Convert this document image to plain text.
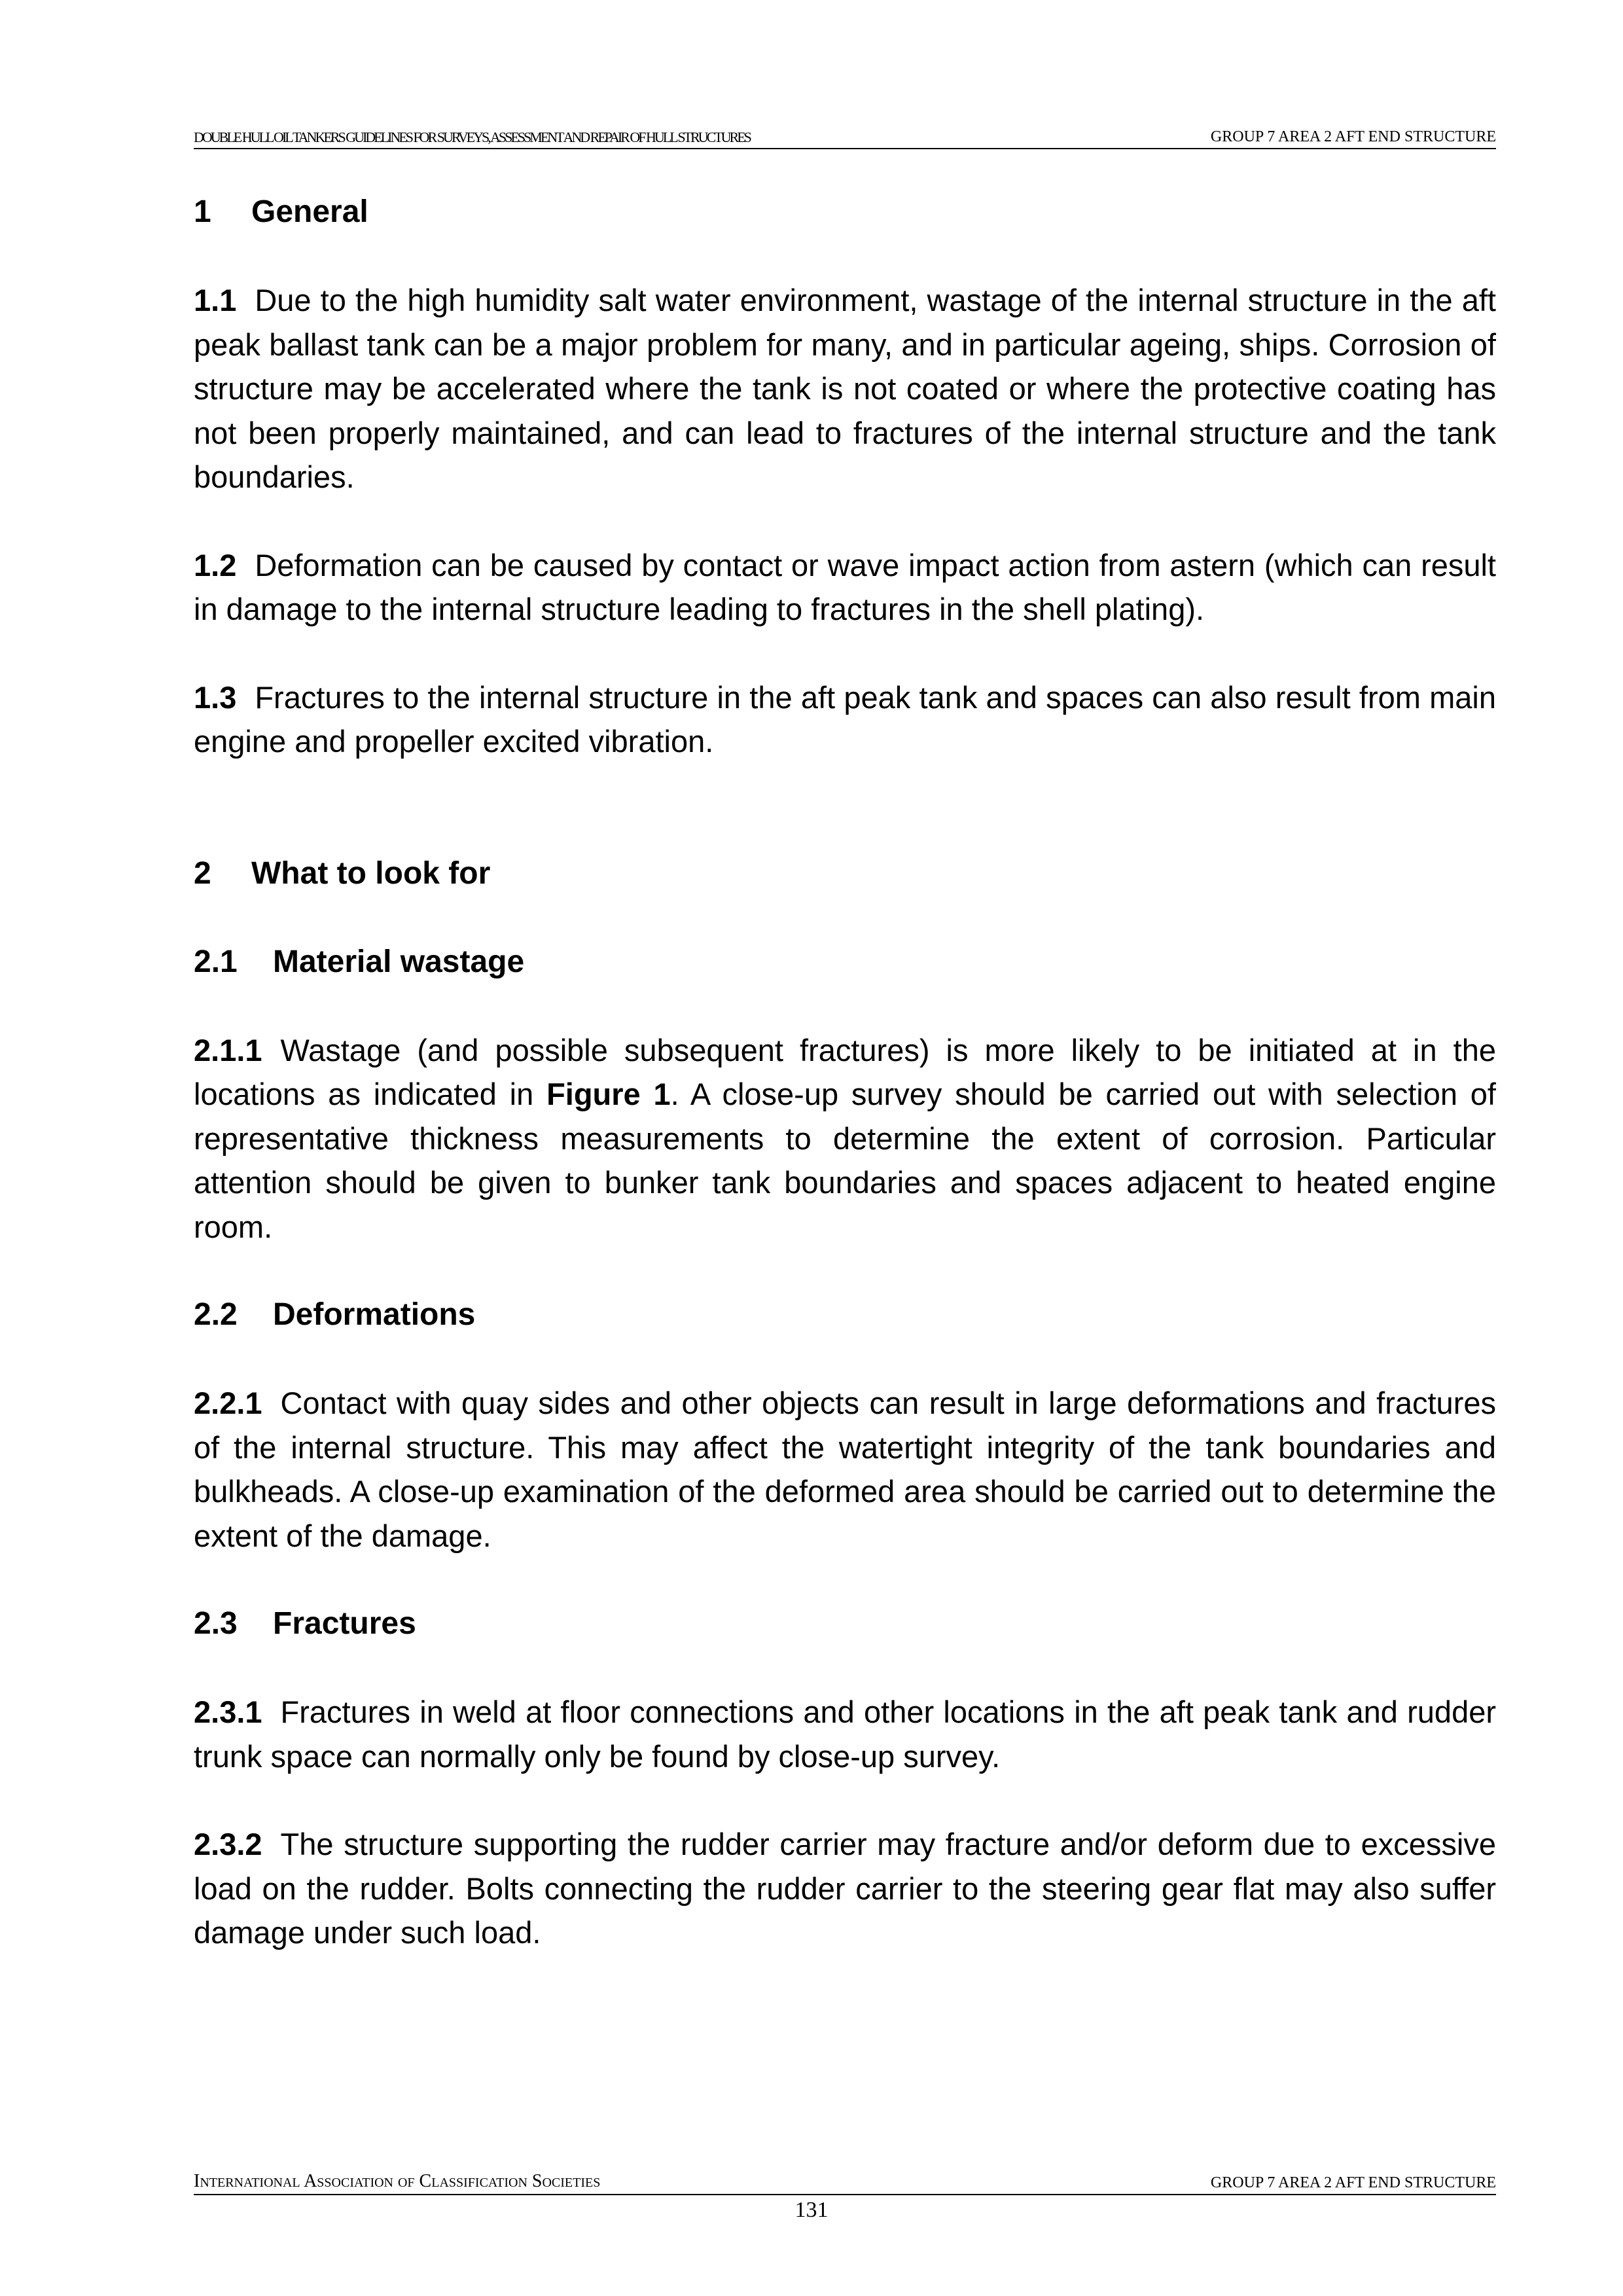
DOUBLE HULL OIL TANKERS GUIDELINES FOR SURVEYS, ASSESSMENT AND REPAIR OF HULL STRUCTURES	GROUP 7 AREA 2 AFT END STRUCTURE
1 General

1.1 Due to the high humidity salt water environment, wastage of the internal structure in the aft peak ballast tank can be a major problem for many, and in particular ageing, ships. Corrosion of structure may be accelerated where the tank is not coated or where the protective coating has not been properly maintained, and can lead to fractures of the internal structure and the tank boundaries.

1.2 Deformation can be caused by contact or wave impact action from astern (which can result in damage to the internal structure leading to fractures in the shell plating).

1.3 Fractures to the internal structure in the aft peak tank and spaces can also result from main engine and propeller excited vibration.

2 What to look for
2.1 Material wastage

2.1.1 Wastage (and possible subsequent fractures) is more likely to be initiated at in the locations as indicated in Figure 1. A close-up survey should be carried out with selection of representative thickness measurements to determine the extent of corrosion. Particular attention should be given to bunker tank boundaries and spaces adjacent to heated engine room.

2.2 Deformations

2.2.1 Contact with quay sides and other objects can result in large deformations and fractures of the internal structure. This may affect the watertight integrity of the tank boundaries and bulkheads. A close-up examination of the deformed area should be carried out to determine the extent of the damage.

2.3 Fractures

2.3.1 Fractures in weld at floor connections and other locations in the aft peak tank and rudder trunk space can normally only be found by close-up survey.

2.3.2 The structure supporting the rudder carrier may fracture and/or deform due to excessive load on the rudder. Bolts connecting the rudder carrier to the steering gear flat may also suffer damage under such load.

International Association of Classification Societies	GROUP 7 AREA 2 AFT END STRUCTURE
131
